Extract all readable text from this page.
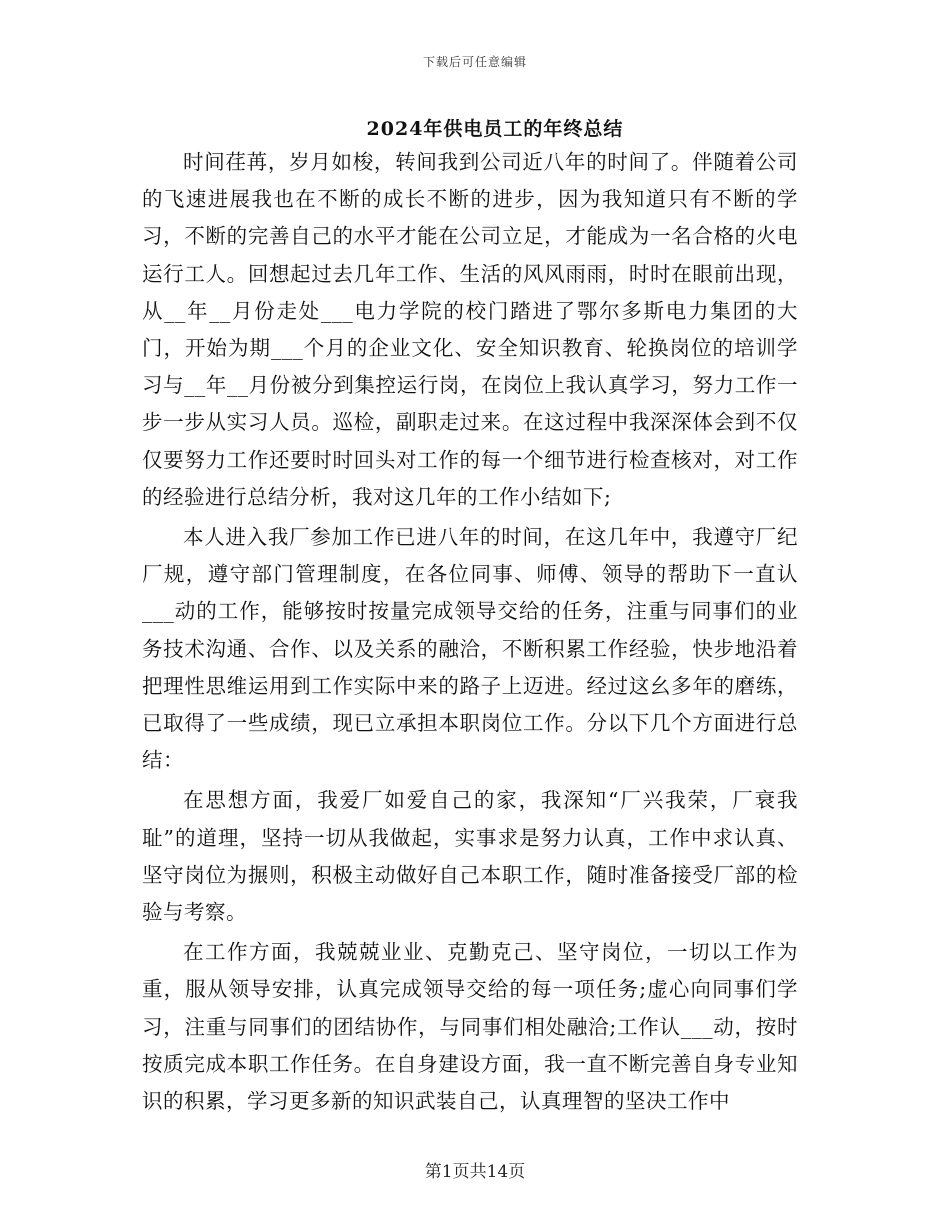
下载后可任意编辑
2024年供电员工的年终总结

时间荏苒，岁月如梭，转间我到公司近八年的时间了。伴随着公司的飞速进展我也在不断的成长不断的进步，因为我知道只有不断的学习，不断的完善自己的水平才能在公司立足，才能成为一名合格的火电运行工人。回想起过去几年工作、生活的风风雨雨，时时在眼前出现，从__年__月份走处___电力学院的校门踏进了鄂尔多斯电力集团的大门，开始为期___个月的企业文化、安全知识教育、轮换岗位的培训学习与__年__月份被分到集控运行岗，在岗位上我认真学习，努力工作一步一步从实习人员。巡检，副职走过来。在这过程中我深深体会到不仅仅要努力工作还要时时回头对工作的每一个细节进行检查核对，对工作的经验进行总结分析，我对这几年的工作小结如下;

本人进入我厂参加工作已进八年的时间，在这几年中，我遵守厂纪厂规，遵守部门管理制度，在各位同事、师傅、领导的帮助下一直认___动的工作，能够按时按量完成领导交给的任务，注重与同事们的业务技术沟通、合作、以及关系的融洽，不断积累工作经验，快步地沿着把理性思维运用到工作实际中来的路子上迈进。经过这幺多年的磨练，已取得了一些成绩，现已立承担本职岗位工作。分以下几个方面进行总结：

在思想方面，我爱厂如爱自己的家，我深知“厂兴我荣，厂衰我耻”的道理，坚持一切从我做起，实事求是努力认真，工作中求认真、坚守岗位为搌则，积极主动做好自己本职工作，随时准备接受厂部的检验与考察。

在工作方面，我兢兢业业、克勤克己、坚守岗位，一切以工作为重，服从领导安排，认真完成领导交给的每一项任务;虚心向同事们学习，注重与同事们的团结协作，与同事们相处融洽;工作认___动，按时按质完成本职工作任务。在自身建设方面，我一直不断完善自身专业知识的积累，学习更多新的知识武装自己，认真理智的坚决工作中

第1页共14页
